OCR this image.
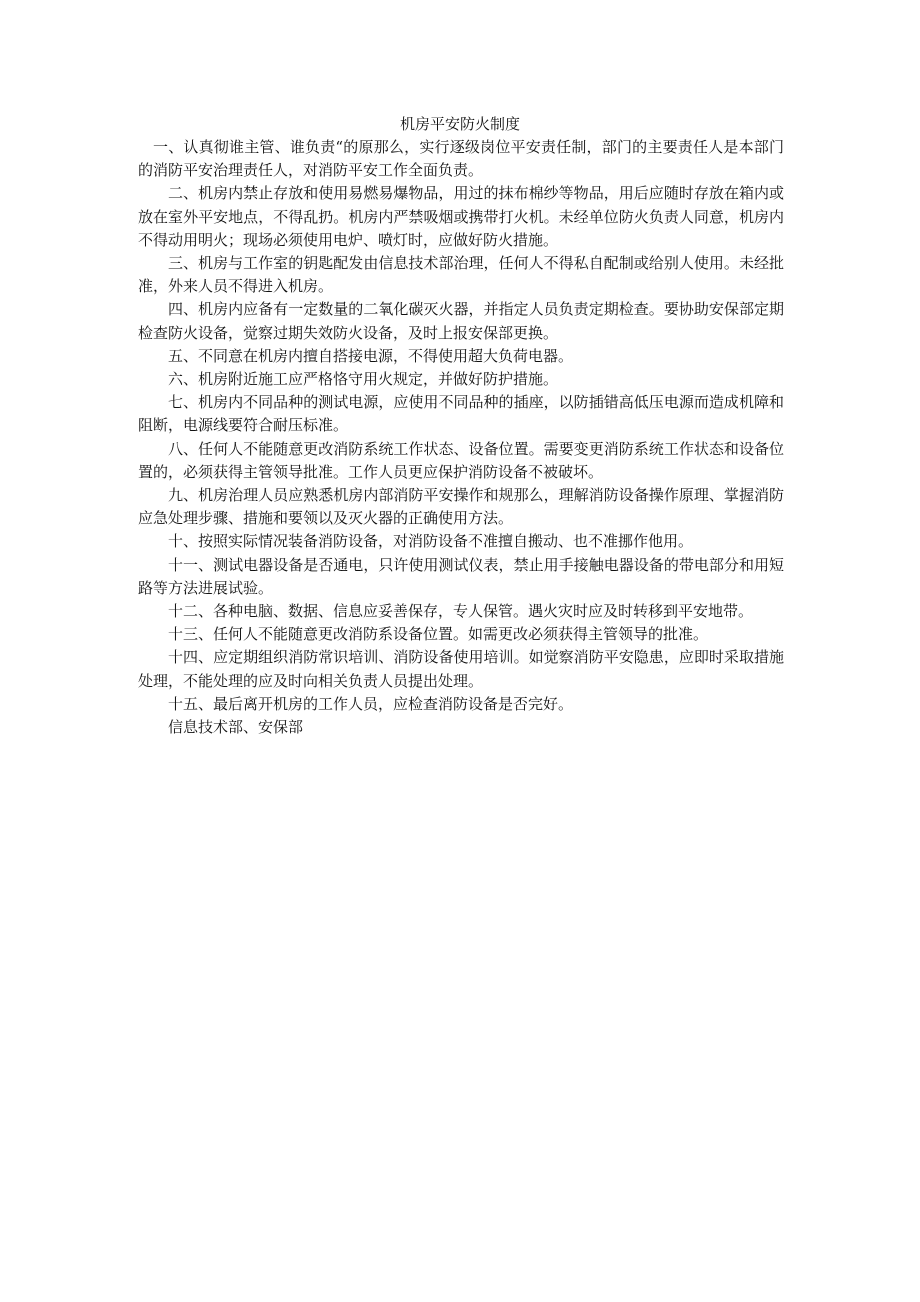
机房平安防火制度

一、认真彻谁主管、谁负责“的原那么，实行逐级岗位平安责任制，部门的主要责任人是本部门的消防平安治理责任人，对消防平安工作全面负责。

二、机房内禁止存放和使用易燃易爆物品，用过的抹布棉纱等物品，用后应随时存放在箱内或放在室外平安地点，不得乱扔。机房内严禁吸烟或携带打火机。未经单位防火负责人同意，机房内不得动用明火；现场必须使用电炉、喷灯时，应做好防火措施。

三、机房与工作室的钥匙配发由信息技术部治理，任何人不得私自配制或给别人使用。未经批准，外来人员不得进入机房。

四、机房内应备有一定数量的二氧化碳灭火器，并指定人员负责定期检查。要协助安保部定期检查防火设备，觉察过期失效防火设备，及时上报安保部更换。

五、不同意在机房内擅自搭接电源，不得使用超大负荷电器。

六、机房附近施工应严格恪守用火规定，并做好防护措施。

七、机房内不同品种的测试电源，应使用不同品种的插座，以防插错高低压电源而造成机障和阻断，电源线要符合耐压标准。

八、任何人不能随意更改消防系统工作状态、设备位置。需要变更消防系统工作状态和设备位置的，必须获得主管领导批准。工作人员更应保护消防设备不被破坏。

九、机房治理人员应熟悉机房内部消防平安操作和规那么，理解消防设备操作原理、掌握消防应急处理步骤、措施和要领以及灭火器的正确使用方法。

十、按照实际情况装备消防设备，对消防设备不准擅自搬动、也不准挪作他用。

十一、测试电器设备是否通电，只许使用测试仪表，禁止用手接触电器设备的带电部分和用短路等方法进展试验。

十二、各种电脑、数据、信息应妥善保存，专人保管。遇火灾时应及时转移到平安地带。

十三、任何人不能随意更改消防系设备位置。如需更改必须获得主管领导的批准。

十四、应定期组织消防常识培训、消防设备使用培训。如觉察消防平安隐患，应即时采取措施处理，不能处理的应及时向相关负责人员提出处理。

十五、最后离开机房的工作人员，应检查消防设备是否完好。

信息技术部、安保部
